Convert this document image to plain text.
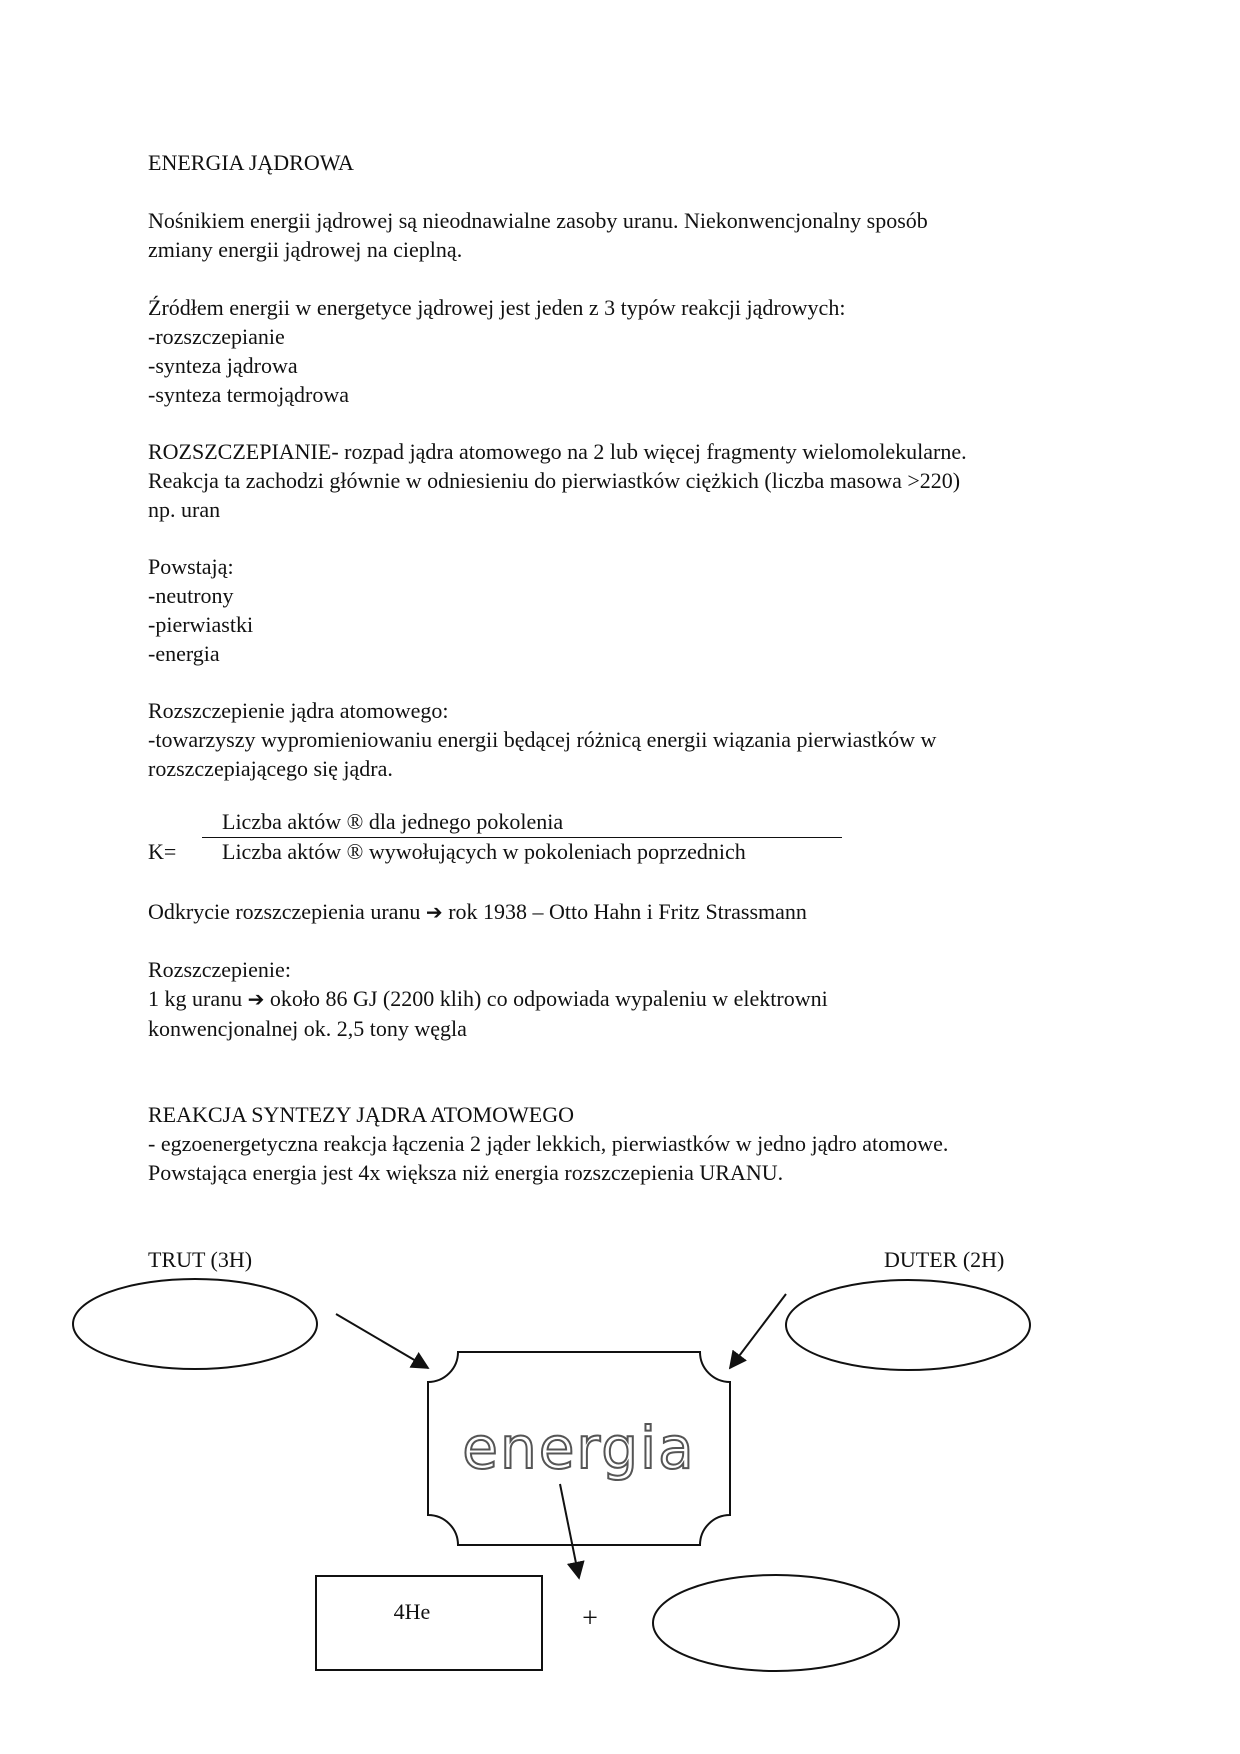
ENERGIA JĄDROWA
Nośnikiem energii jądrowej są nieodnawialne zasoby uranu. Niekonwencjonalny sposób
zmiany energii jądrowej na cieplną.
Źródłem energii w energetyce jądrowej jest jeden z 3 typów reakcji jądrowych:
-rozszczepianie
-synteza jądrowa
-synteza termojądrowa
ROZSZCZEPIANIE- rozpad jądra atomowego na 2 lub więcej fragmenty wielomolekularne.
Reakcja ta zachodzi głównie w odniesieniu do pierwiastków ciężkich (liczba masowa >220)
np. uran
Powstają:
-neutrony
-pierwiastki
-energia
Rozszczepienie jądra atomowego:
-towarzyszy wypromieniowaniu energii będącej różnicą energii wiązania pierwiastków w
rozszczepiającego się jądra.
K=
Liczba aktów ® dla jednego pokolenia
Liczba aktów ® wywołujących w pokoleniach poprzednich
Odkrycie rozszczepienia uranu ➔ rok 1938 – Otto Hahn i Fritz Strassmann
Rozszczepienie:
1 kg uranu ➔ około 86 GJ (2200 klih) co odpowiada wypaleniu w elektrowni
konwencjonalnej ok. 2,5 tony węgla
REAKCJA SYNTEZY JĄDRA ATOMOWEGO
- egzoenergetyczna reakcja łączenia 2 jąder lekkich, pierwiastków w jedno jądro atomowe.
Powstająca energia jest 4x większa niż energia rozszczepienia URANU.
TRUT (3H)	DUTER (2H)
energia
4He	+
